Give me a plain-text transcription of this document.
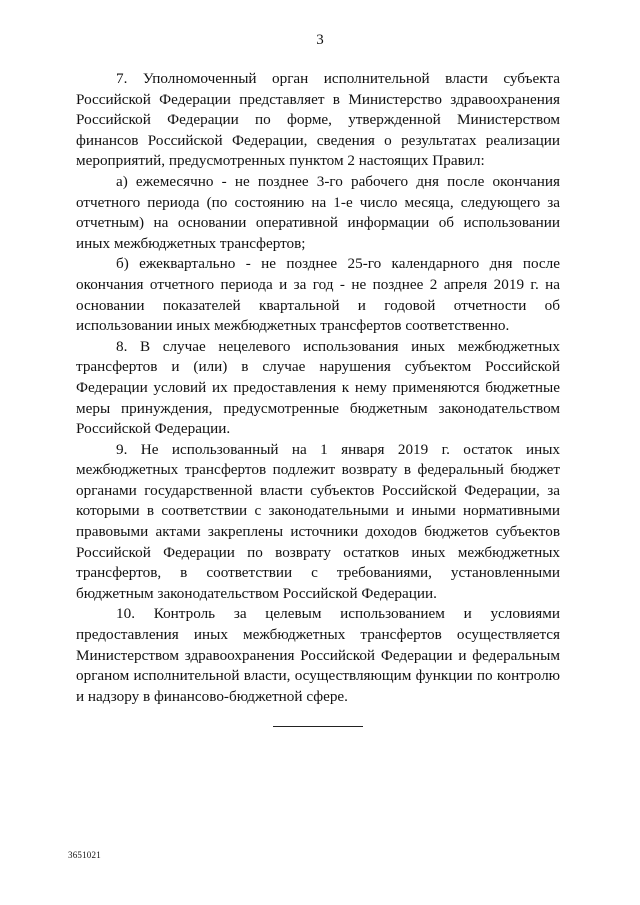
3

7. Уполномоченный орган исполнительной власти субъекта Российской Федерации представляет в Министерство здравоохранения Российской Федерации по форме, утвержденной Министерством финансов Российской Федерации, сведения о результатах реализации мероприятий, предусмотренных пунктом 2 настоящих Правил:

а) ежемесячно - не позднее 3-го рабочего дня после окончания отчетного периода (по состоянию на 1-е число месяца, следующего за отчетным) на основании оперативной информации об использовании иных межбюджетных трансфертов;

б) ежеквартально - не позднее 25-го календарного дня после окончания отчетного периода и за год - не позднее 2 апреля 2019 г. на основании показателей квартальной и годовой отчетности об использовании иных межбюджетных трансфертов соответственно.

8. В случае нецелевого использования иных межбюджетных трансфертов и (или) в случае нарушения субъектом Российской Федерации условий их предоставления к нему применяются бюджетные меры принуждения, предусмотренные бюджетным законодательством Российской Федерации.

9. Не использованный на 1 января 2019 г. остаток иных межбюджетных трансфертов подлежит возврату в федеральный бюджет органами государственной власти субъектов Российской Федерации, за которыми в соответствии с законодательными и иными нормативными правовыми актами закреплены источники доходов бюджетов субъектов Российской Федерации по возврату остатков иных межбюджетных трансфертов, в соответствии с требованиями, установленными бюджетным законодательством Российской Федерации.

10. Контроль за целевым использованием и условиями предоставления иных межбюджетных трансфертов осуществляется Министерством здравоохранения Российской Федерации и федеральным органом исполнительной власти, осуществляющим функции по контролю и надзору в финансово-бюджетной сфере.

3651021
